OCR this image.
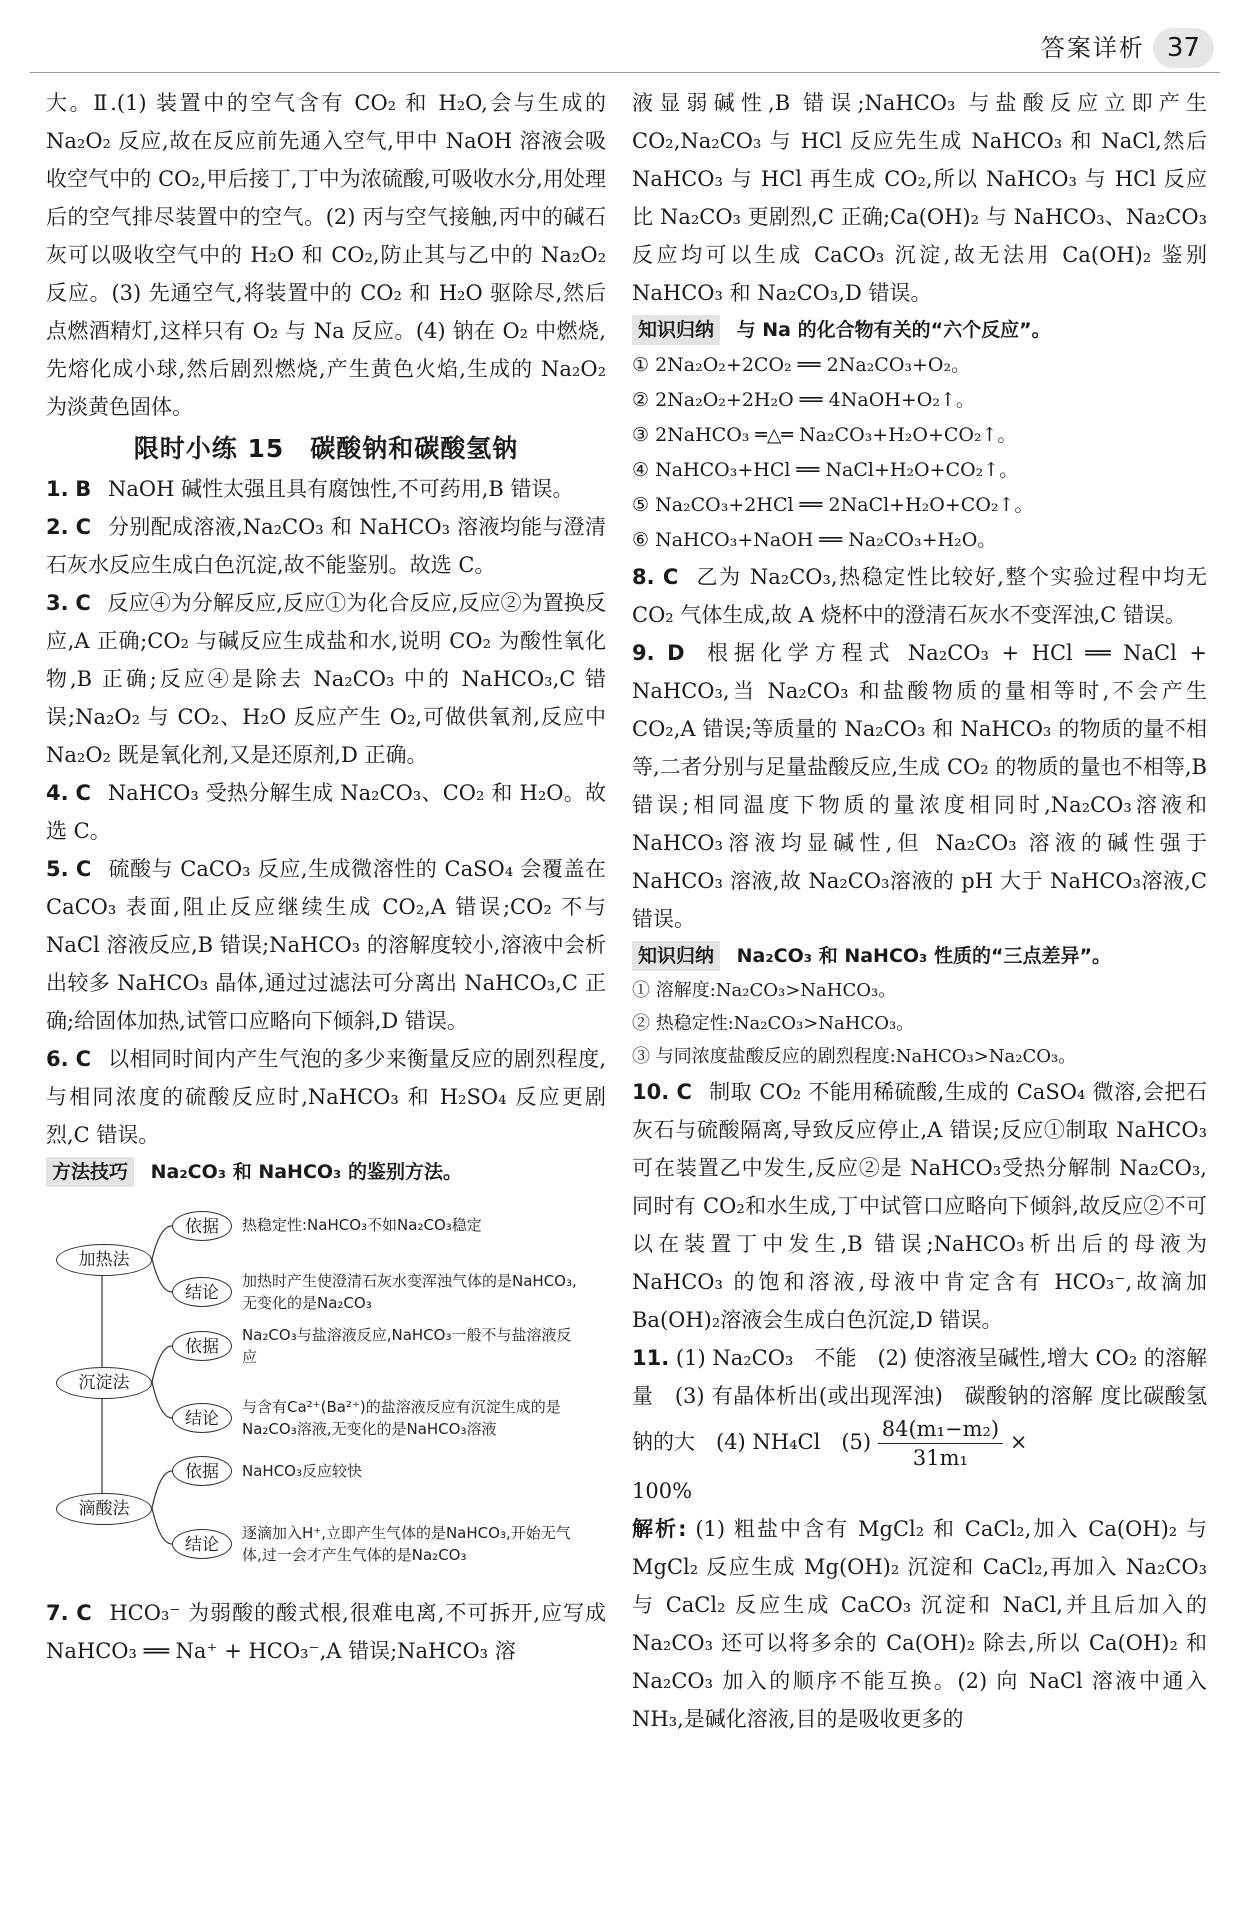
答案详析 37
大。Ⅱ.(1) 装置中的空气含有 CO₂ 和 H₂O,会与生成的 Na₂O₂ 反应,故在反应前先通入空气,甲中 NaOH 溶液会吸收空气中的 CO₂,甲后接丁,丁中为浓硫酸,可吸收水分,用处理后的空气排尽装置中的空气。(2) 丙与空气接触,丙中的碱石灰可以吸收空气中的 H₂O 和 CO₂,防止其与乙中的 Na₂O₂ 反应。(3) 先通空气,将装置中的 CO₂ 和 H₂O 驱除尽,然后点燃酒精灯,这样只有 O₂ 与 Na 反应。(4) 钠在 O₂ 中燃烧,先熔化成小球,然后剧烈燃烧,产生黄色火焰,生成的 Na₂O₂ 为淡黄色固体。
限时小练 15　碳酸钠和碳酸氢钠
1. B NaOH 碱性太强且具有腐蚀性,不可药用,B 错误。
2. C 分别配成溶液,Na₂CO₃ 和 NaHCO₃ 溶液均能与澄清石灰水反应生成白色沉淀,故不能鉴别。故选 C。
3. C 反应④为分解反应,反应①为化合反应,反应②为置换反应,A 正确;CO₂ 与碱反应生成盐和水,说明 CO₂ 为酸性氧化物,B 正确;反应④是除去 Na₂CO₃ 中的 NaHCO₃,C 错误;Na₂O₂ 与 CO₂、H₂O 反应产生 O₂,可做供氧剂,反应中 Na₂O₂ 既是氧化剂,又是还原剂,D 正确。
4. C NaHCO₃ 受热分解生成 Na₂CO₃、CO₂ 和 H₂O。故选 C。
5. C 硫酸与 CaCO₃ 反应,生成微溶性的 CaSO₄ 会覆盖在 CaCO₃ 表面,阻止反应继续生成 CO₂,A 错误;CO₂ 不与 NaCl 溶液反应,B 错误;NaHCO₃ 的溶解度较小,溶液中会析出较多 NaHCO₃ 晶体,通过过滤法可分离出 NaHCO₃,C 正确;给固体加热,试管口应略向下倾斜,D 错误。
6. C 以相同时间内产生气泡的多少来衡量反应的剧烈程度,与相同浓度的硫酸反应时,NaHCO₃ 和 H₂SO₄ 反应更剧烈,C 错误。
方法技巧 Na₂CO₃ 和 NaHCO₃ 的鉴别方法。
加热法
沉淀法
滴酸法
依据
结论
依据
结论
依据
结论
热稳定性:NaHCO₃不如Na₂CO₃稳定
加热时产生使澄清石灰水变浑浊气体的是NaHCO₃,无变化的是Na₂CO₃
Na₂CO₃与盐溶液反应,NaHCO₃一般不与盐溶液反应
与含有Ca²⁺(Ba²⁺)的盐溶液反应有沉淀生成的是Na₂CO₃溶液,无变化的是NaHCO₃溶液
NaHCO₃反应较快
逐滴加入H⁺,立即产生气体的是NaHCO₃,开始无气体,过一会才产生气体的是Na₂CO₃
7. C HCO₃⁻ 为弱酸的酸式根,很难电离,不可拆开,应写成 NaHCO₃ ══ Na⁺ + HCO₃⁻,A 错误;NaHCO₃ 溶
液显弱碱性,B 错误;NaHCO₃ 与盐酸反应立即产生 CO₂,Na₂CO₃ 与 HCl 反应先生成 NaHCO₃ 和 NaCl,然后 NaHCO₃ 与 HCl 再生成 CO₂,所以 NaHCO₃ 与 HCl 反应比 Na₂CO₃ 更剧烈,C 正确;Ca(OH)₂ 与 NaHCO₃、Na₂CO₃ 反应均可以生成 CaCO₃ 沉淀,故无法用 Ca(OH)₂ 鉴别 NaHCO₃ 和 Na₂CO₃,D 错误。
知识归纳 与 Na 的化合物有关的“六个反应”。
① 2Na₂O₂+2CO₂ ══ 2Na₂CO₃+O₂。
② 2Na₂O₂+2H₂O ══ 4NaOH+O₂↑。
③ 2NaHCO₃ ═△═ Na₂CO₃+H₂O+CO₂↑。
④ NaHCO₃+HCl ══ NaCl+H₂O+CO₂↑。
⑤ Na₂CO₃+2HCl ══ 2NaCl+H₂O+CO₂↑。
⑥ NaHCO₃+NaOH ══ Na₂CO₃+H₂O。
8. C 乙为 Na₂CO₃,热稳定性比较好,整个实验过程中均无 CO₂ 气体生成,故 A 烧杯中的澄清石灰水不变浑浊,C 错误。
9. D 根据化学方程式 Na₂CO₃ + HCl ══ NaCl + NaHCO₃,当 Na₂CO₃ 和盐酸物质的量相等时,不会产生 CO₂,A 错误;等质量的 Na₂CO₃ 和 NaHCO₃ 的物质的量不相等,二者分别与足量盐酸反应,生成 CO₂ 的物质的量也不相等,B 错误;相同温度下物质的量浓度相同时,Na₂CO₃溶液和 NaHCO₃溶液均显碱性,但 Na₂CO₃ 溶液的碱性强于 NaHCO₃ 溶液,故 Na₂CO₃溶液的 pH 大于 NaHCO₃溶液,C 错误。
知识归纳 Na₂CO₃ 和 NaHCO₃ 性质的“三点差异”。
① 溶解度:Na₂CO₃>NaHCO₃。
② 热稳定性:Na₂CO₃>NaHCO₃。
③ 与同浓度盐酸反应的剧烈程度:NaHCO₃>Na₂CO₃。
10. C 制取 CO₂ 不能用稀硫酸,生成的 CaSO₄ 微溶,会把石灰石与硫酸隔离,导致反应停止,A 错误;反应①制取 NaHCO₃ 可在装置乙中发生,反应②是 NaHCO₃受热分解制 Na₂CO₃,同时有 CO₂和水生成,丁中试管口应略向下倾斜,故反应②不可以在装置丁中发生,B 错误;NaHCO₃析出后的母液为 NaHCO₃ 的饱和溶液,母液中肯定含有 HCO₃⁻,故滴加Ba(OH)₂溶液会生成白色沉淀,D 错误。
11. (1) Na₂CO₃　不能　(2) 使溶液呈碱性,增大 CO₂ 的溶解量　(3) 有晶体析出(或出现浑浊)　碳酸钠的溶解 度比碳酸氢钠的大　(4) NH₄Cl　$(5) \frac{\text{84(m₁−m₂)}}{\text{31m₁}}$ ×
100%
解析: (1) 粗盐中含有 MgCl₂ 和 CaCl₂,加入 Ca(OH)₂ 与 MgCl₂ 反应生成 Mg(OH)₂ 沉淀和 CaCl₂,再加入 Na₂CO₃ 与 CaCl₂ 反应生成 CaCO₃ 沉淀和 NaCl,并且后加入的 Na₂CO₃ 还可以将多余的 Ca(OH)₂ 除去,所以 Ca(OH)₂ 和 Na₂CO₃ 加入的顺序不能互换。(2) 向 NaCl 溶液中通入 NH₃,是碱化溶液,目的是吸收更多的
